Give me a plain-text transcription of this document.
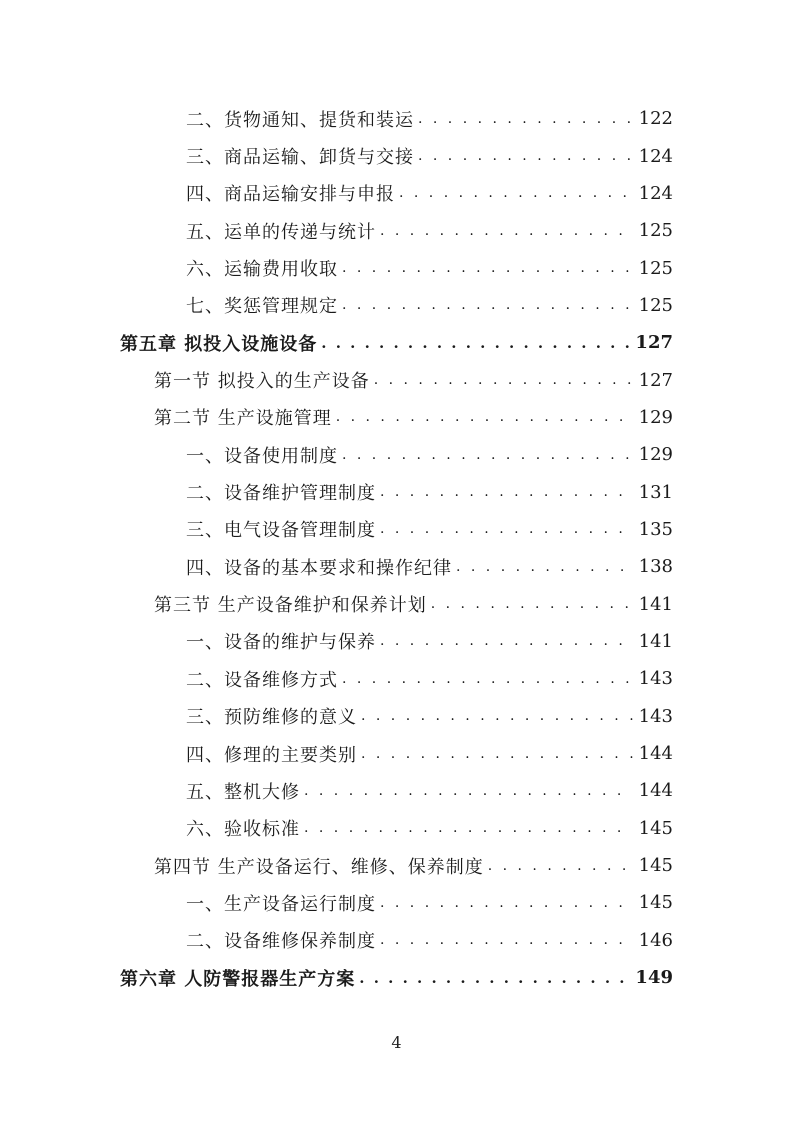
二、货物通知、提货和装运 . . .	122
三、商品运输、卸货与交接 . . .	124
四、商品运输安排与申报 . . .	124
五、运单的传递与统计 . . .	125
六、运输费用收取 . . .	125
七、奖惩管理规定 . . .	125
第五章 拟投入设施设备 . . .	127
第一节 拟投入的生产设备 . . .	127
第二节 生产设施管理 . . .	129
一、设备使用制度 . . .	129
二、设备维护管理制度 . . .	131
三、电气设备管理制度 . . .	135
四、设备的基本要求和操作纪律 . . .	138
第三节 生产设备维护和保养计划 . . .	141
一、设备的维护与保养 . . .	141
二、设备维修方式 . . .	143
三、预防维修的意义 . . .	143
四、修理的主要类别 . . .	144
五、整机大修 . . .	144
六、验收标准 . . .	145
第四节 生产设备运行、维修、保养制度 . . .	145
一、生产设备运行制度 . . .	145
二、设备维修保养制度 . . .	146
第六章 人防警报器生产方案 . . .	149
4
